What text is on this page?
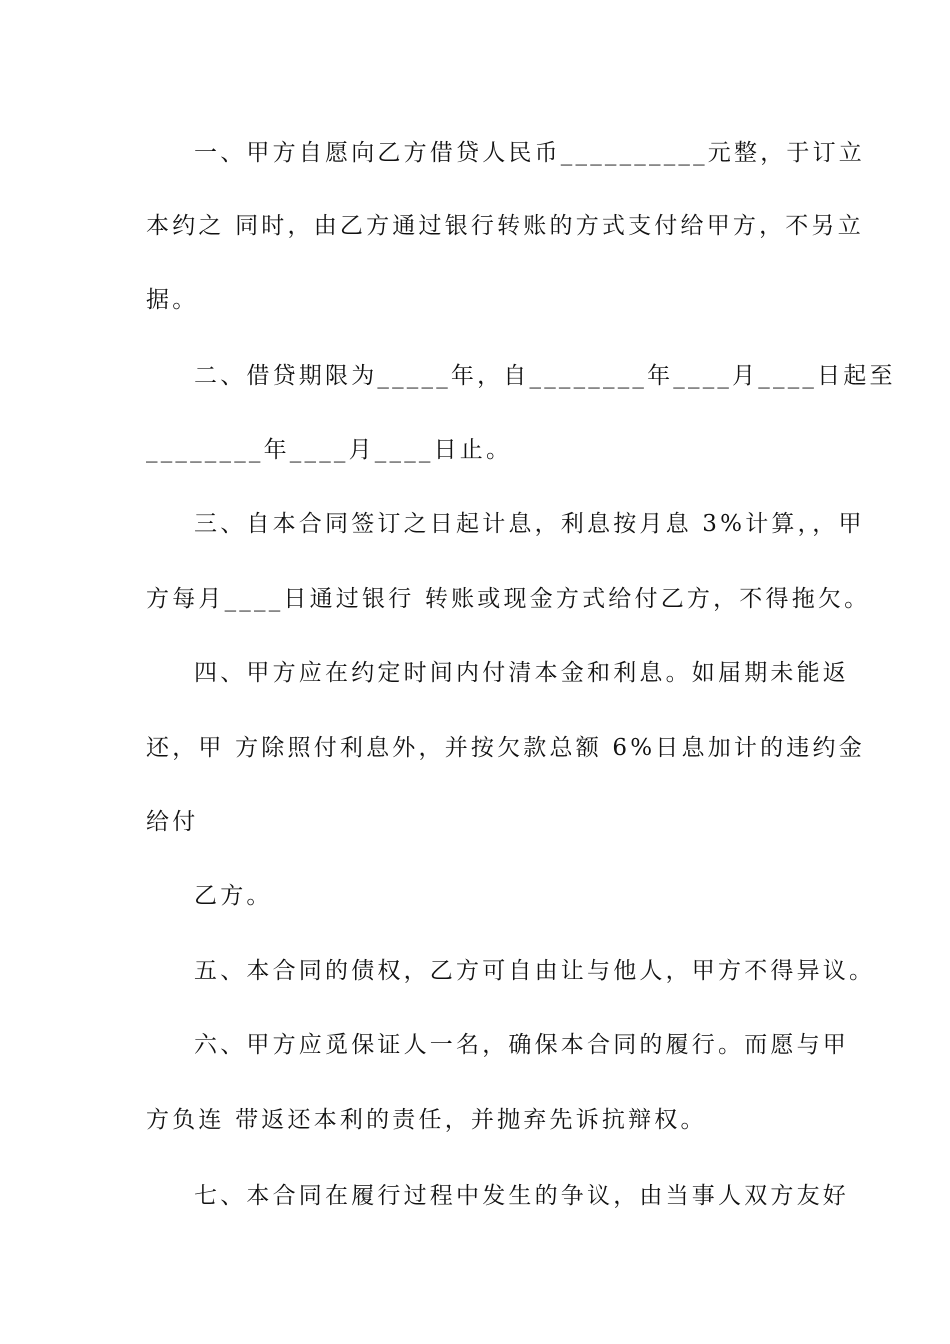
一、甲方自愿向乙方借贷人民币__________元整，于订立
本约之 同时，由乙方通过银行转账的方式支付给甲方，不另立
据。
二、借贷期限为_____年，自________年____月____日起至
________年____月____日止。
三、自本合同签订之日起计息，利息按月息 3%计算，，甲
方每月____日通过银行 转账或现金方式给付乙方，不得拖欠。
四、甲方应在约定时间内付清本金和利息。如届期未能返
还，甲 方除照付利息外，并按欠款总额 6%日息加计的违约金
给付
乙方。
五、本合同的债权，乙方可自由让与他人，甲方不得异议。
六、甲方应觅保证人一名，确保本合同的履行。而愿与甲
方负连 带返还本利的责任，并抛弃先诉抗辩权。
七、本合同在履行过程中发生的争议，由当事人双方友好
